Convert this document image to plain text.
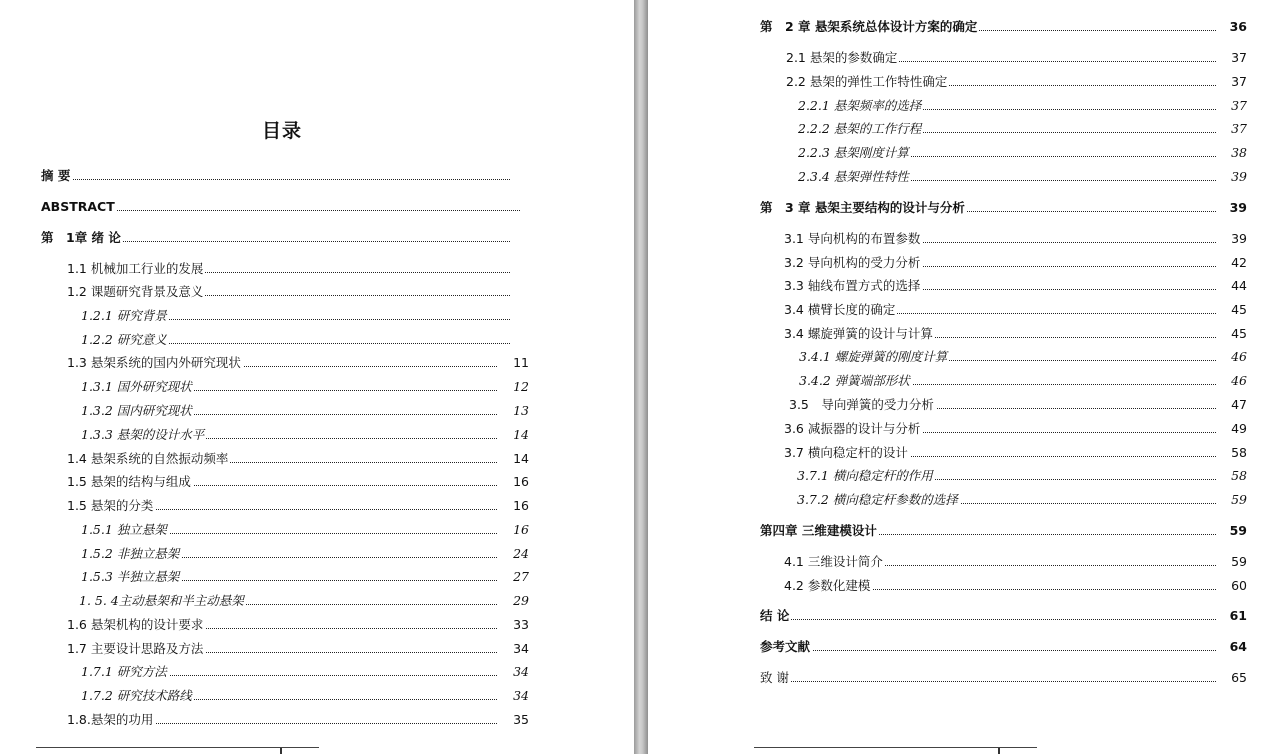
目录
摘 要
ABSTRACT
第　1章 绪 论
1.1 机械加工行业的发展
1.2 课题研究背景及意义
1.2.1 研究背景
1.2.2 研究意义
1.3 悬架系统的国内外研究现状	11
1.3.1 国外研究现状	12
1.3.2 国内研究现状	13
1.3.3 悬架的设计水平	14
1.4 悬架系统的自然振动频率	14
1.5 悬架的结构与组成	16
1.5 悬架的分类	16
1.5.1 独立悬架	16
1.5.2 非独立悬架	24
1.5.3 半独立悬架	27
1. 5. 4主动悬架和半主动悬架	29
1.6 悬架机构的设计要求	33
1.7 主要设计思路及方法	34
1.7.1 研究方法	34
1.7.2 研究技术路线	34
1.8.悬架的功用	35
第　2 章 悬架系统总体设计方案的确定	36
2.1 悬架的参数确定	37
2.2 悬架的弹性工作特性确定	37
2.2.1 悬架频率的选择	37
2.2.2 悬架的工作行程	37
2.2.3 悬架刚度计算	38
2.3.4 悬架弹性特性	39
第　3 章 悬架主要结构的设计与分析	39
3.1 导向机构的布置参数	39
3.2 导向机构的受力分析	42
3.3 轴线布置方式的选择	44
3.4 横臂长度的确定	45
3.4 螺旋弹簧的设计与计算	45
3.4.1 螺旋弹簧的刚度计算	46
3.4.2 弹簧端部形状	46
3.5　导向弹簧的受力分析	47
3.6 减振器的设计与分析	49
3.7 横向稳定杆的设计	58
3.7.1 横向稳定杆的作用	58
3.7.2 横向稳定杆参数的选择	59
第四章 三维建模设计	59
4.1 三维设计简介	59
4.2 参数化建模	60
结 论	61
参考文献	64
致 谢	65
